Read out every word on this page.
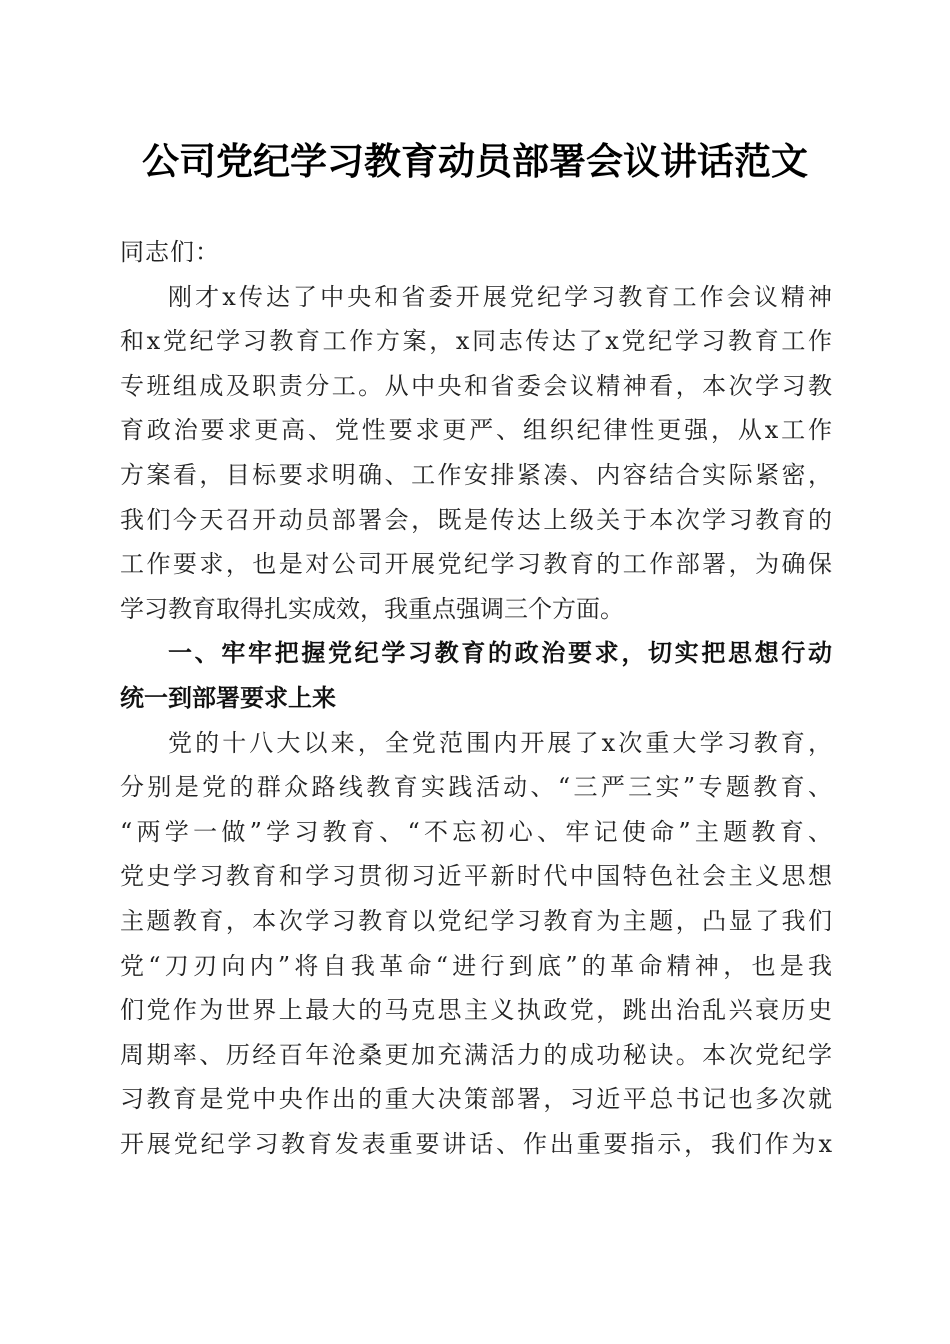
公司党纪学习教育动员部署会议讲话范文
同志们：
刚才x传达了中央和省委开展党纪学习教育工作会议精神
和x党纪学习教育工作方案，x同志传达了x党纪学习教育工作
专班组成及职责分工。从中央和省委会议精神看，本次学习教
育政治要求更高、党性要求更严、组织纪律性更强，从x工作
方案看，目标要求明确、工作安排紧凑、内容结合实际紧密，
我们今天召开动员部署会，既是传达上级关于本次学习教育的
工作要求，也是对公司开展党纪学习教育的工作部署，为确保
学习教育取得扎实成效，我重点强调三个方面。
一、牢牢把握党纪学习教育的政治要求，切实把思想行动
统一到部署要求上来
党的十八大以来，全党范围内开展了x次重大学习教育，
分别是党的群众路线教育实践活动、“三严三实”专题教育、
“两学一做”学习教育、“不忘初心、牢记使命”主题教育、
党史学习教育和学习贯彻习近平新时代中国特色社会主义思想
主题教育，本次学习教育以党纪学习教育为主题，凸显了我们
党“刀刃向内”将自我革命“进行到底”的革命精神，也是我
们党作为世界上最大的马克思主义执政党，跳出治乱兴衰历史
周期率、历经百年沧桑更加充满活力的成功秘诀。本次党纪学
习教育是党中央作出的重大决策部署，习近平总书记也多次就
开展党纪学习教育发表重要讲话、作出重要指示，我们作为x
